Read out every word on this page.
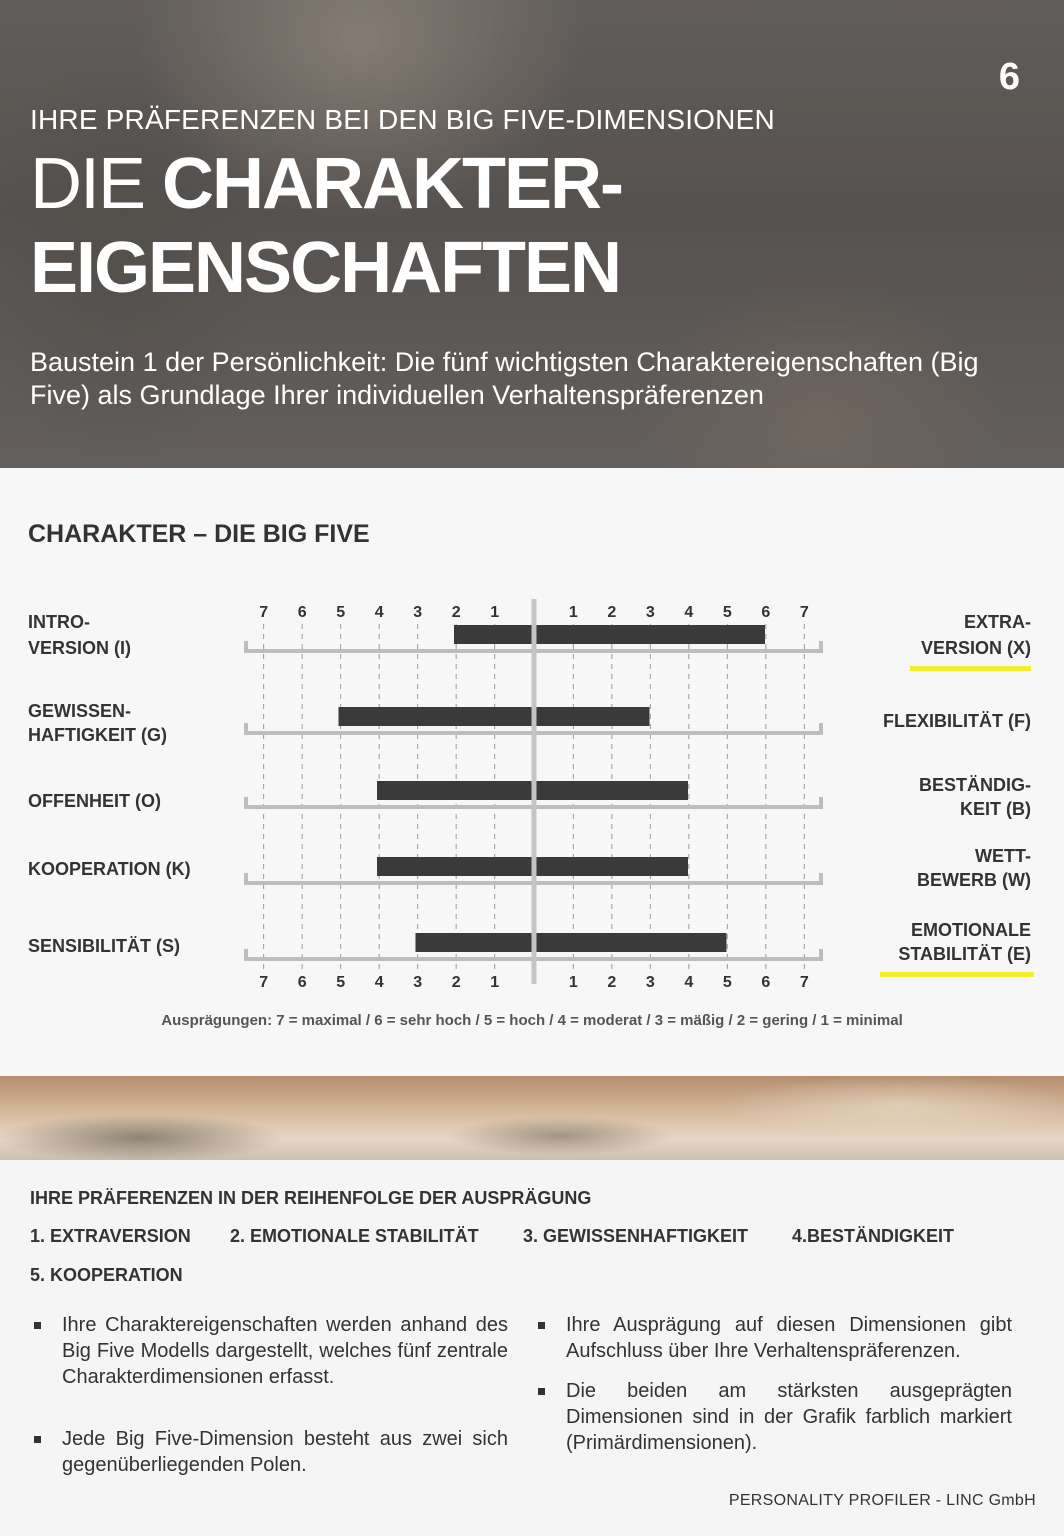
6
IHRE PRÄFERENZEN BEI DEN BIG FIVE-DIMENSIONEN
DIE CHARAKTER-
EIGENSCHAFTEN
Baustein 1 der Persönlichkeit: Die fünf wichtigsten Charaktereigenschaften (Big Five) als Grundlage Ihrer individuellen Verhaltenspräferenzen
CHARAKTER – DIE BIG FIVE
7
7
6
6
5
5
4
4
3
3
2
2
1
1
1
1
2
2
3
3
4
4
5
5
6
6
7
7
INTRO-
VERSION (I)
EXTRA-
VERSION (X)
GEWISSEN-
HAFTIGKEIT (G)
FLEXIBILITÄT (F)
OFFENHEIT (O)
BESTÄNDIG-
KEIT (B)
KOOPERATION (K)
WETT-
BEWERB (W)
SENSIBILITÄT (S)
EMOTIONALE
STABILITÄT (E)
Ausprägungen: 7 = maximal / 6 = sehr hoch / 5 = hoch / 4 = moderat / 3 = mäßig / 2 = gering / 1 = minimal
IHRE PRÄFERENZEN IN DER REIHENFOLGE DER AUSPRÄGUNG
1. EXTRAVERSION 2. EMOTIONALE STABILITÄT 3. GEWISSENHAFTIGKEIT 4.BESTÄNDIGKEIT
5. KOOPERATION
Ihre Charaktereigenschaften werden anhand des Big Five Modells dargestellt, welches fünf zentrale Charakterdimensionen erfasst.
Jede Big Five-Dimension besteht aus zwei sich gegenüberliegenden Polen.
Ihre Ausprägung auf diesen Dimensionen gibt Aufschluss über Ihre Verhaltenspräferenzen.
Die beiden am stärksten ausgeprägten Dimensionen sind in der Grafik farblich markiert (Primärdimensionen).
PERSONALITY PROFILER - LINC GmbH
